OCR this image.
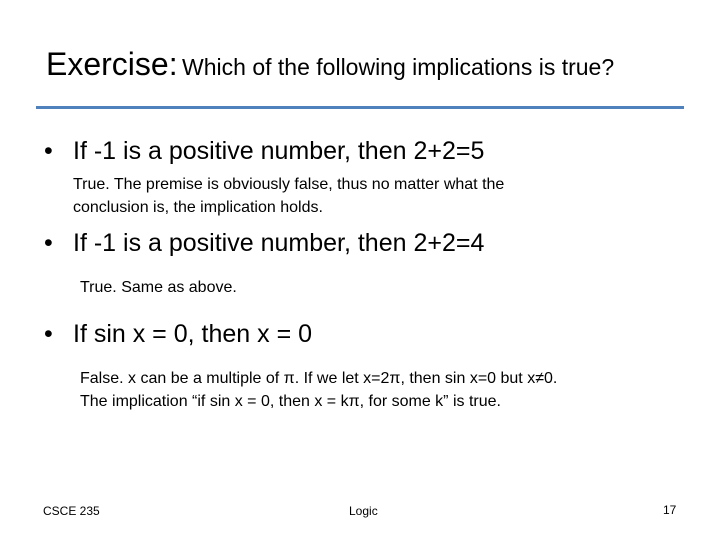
Exercise: Which of the following implications is true?
• If -1 is a positive number, then 2+2=5
True. The premise is obviously false, thus no matter what the
conclusion is, the implication holds.
• If -1 is a positive number, then 2+2=4
True. Same as above.
• If sin x = 0, then x = 0
False. x can be a multiple of π. If we let x=2π, then sin x=0 but x≠0.
The implication “if sin x = 0, then x = kπ, for some k” is true.
CSCE 235	Logic	17
